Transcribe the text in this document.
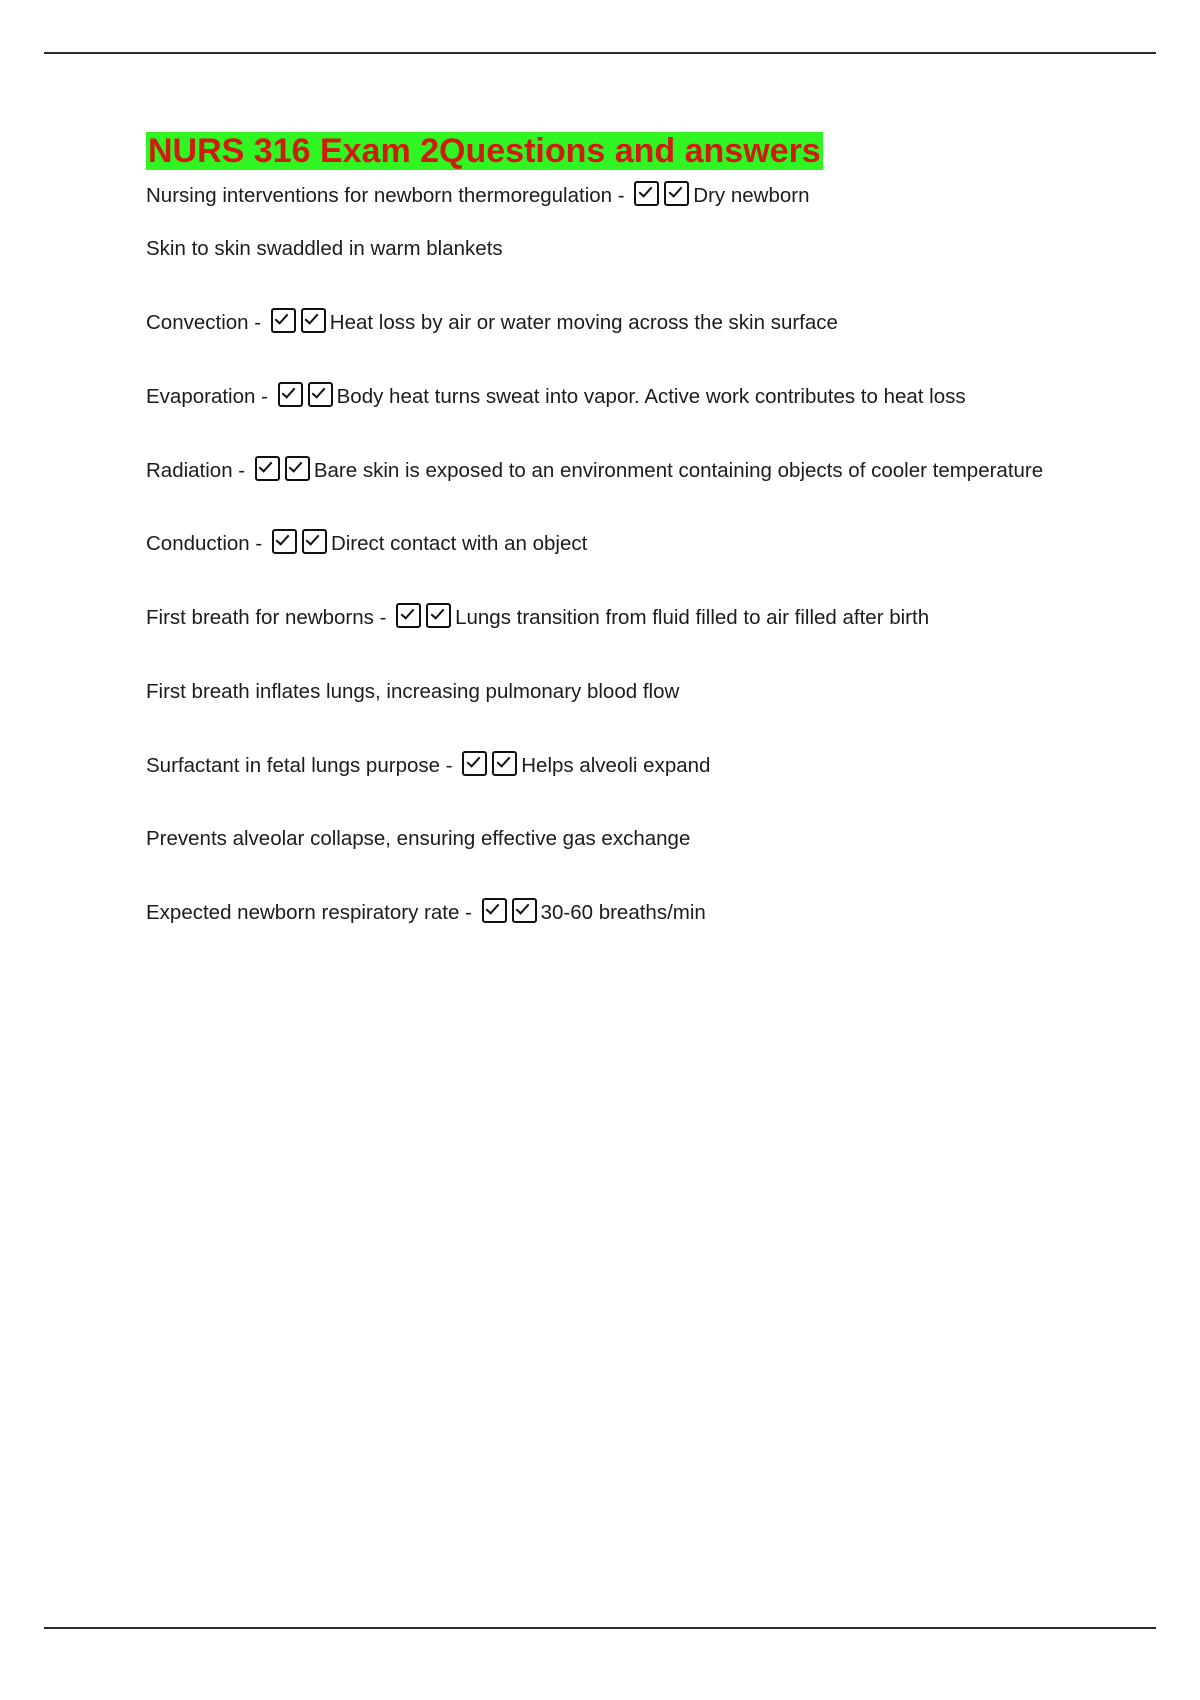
NURS 316 Exam 2Questions and answers

Nursing interventions for newborn thermoregulation -	Dry newborn
Skin to skin swaddled in warm blankets

Convection -	Heat loss by air or water moving across the skin surface

Evaporation -	Body heat turns sweat into vapor. Active work contributes to heat loss

Radiation -	Bare skin is exposed to an environment containing objects of cooler temperature

Conduction -	Direct contact with an object

First breath for newborns -	Lungs transition from fluid filled to air filled after birth

First breath inflates lungs, increasing pulmonary blood flow

Surfactant in fetal lungs purpose -	Helps alveoli expand

Prevents alveolar collapse, ensuring effective gas exchange

Expected newborn respiratory rate -	30-60 breaths/min
